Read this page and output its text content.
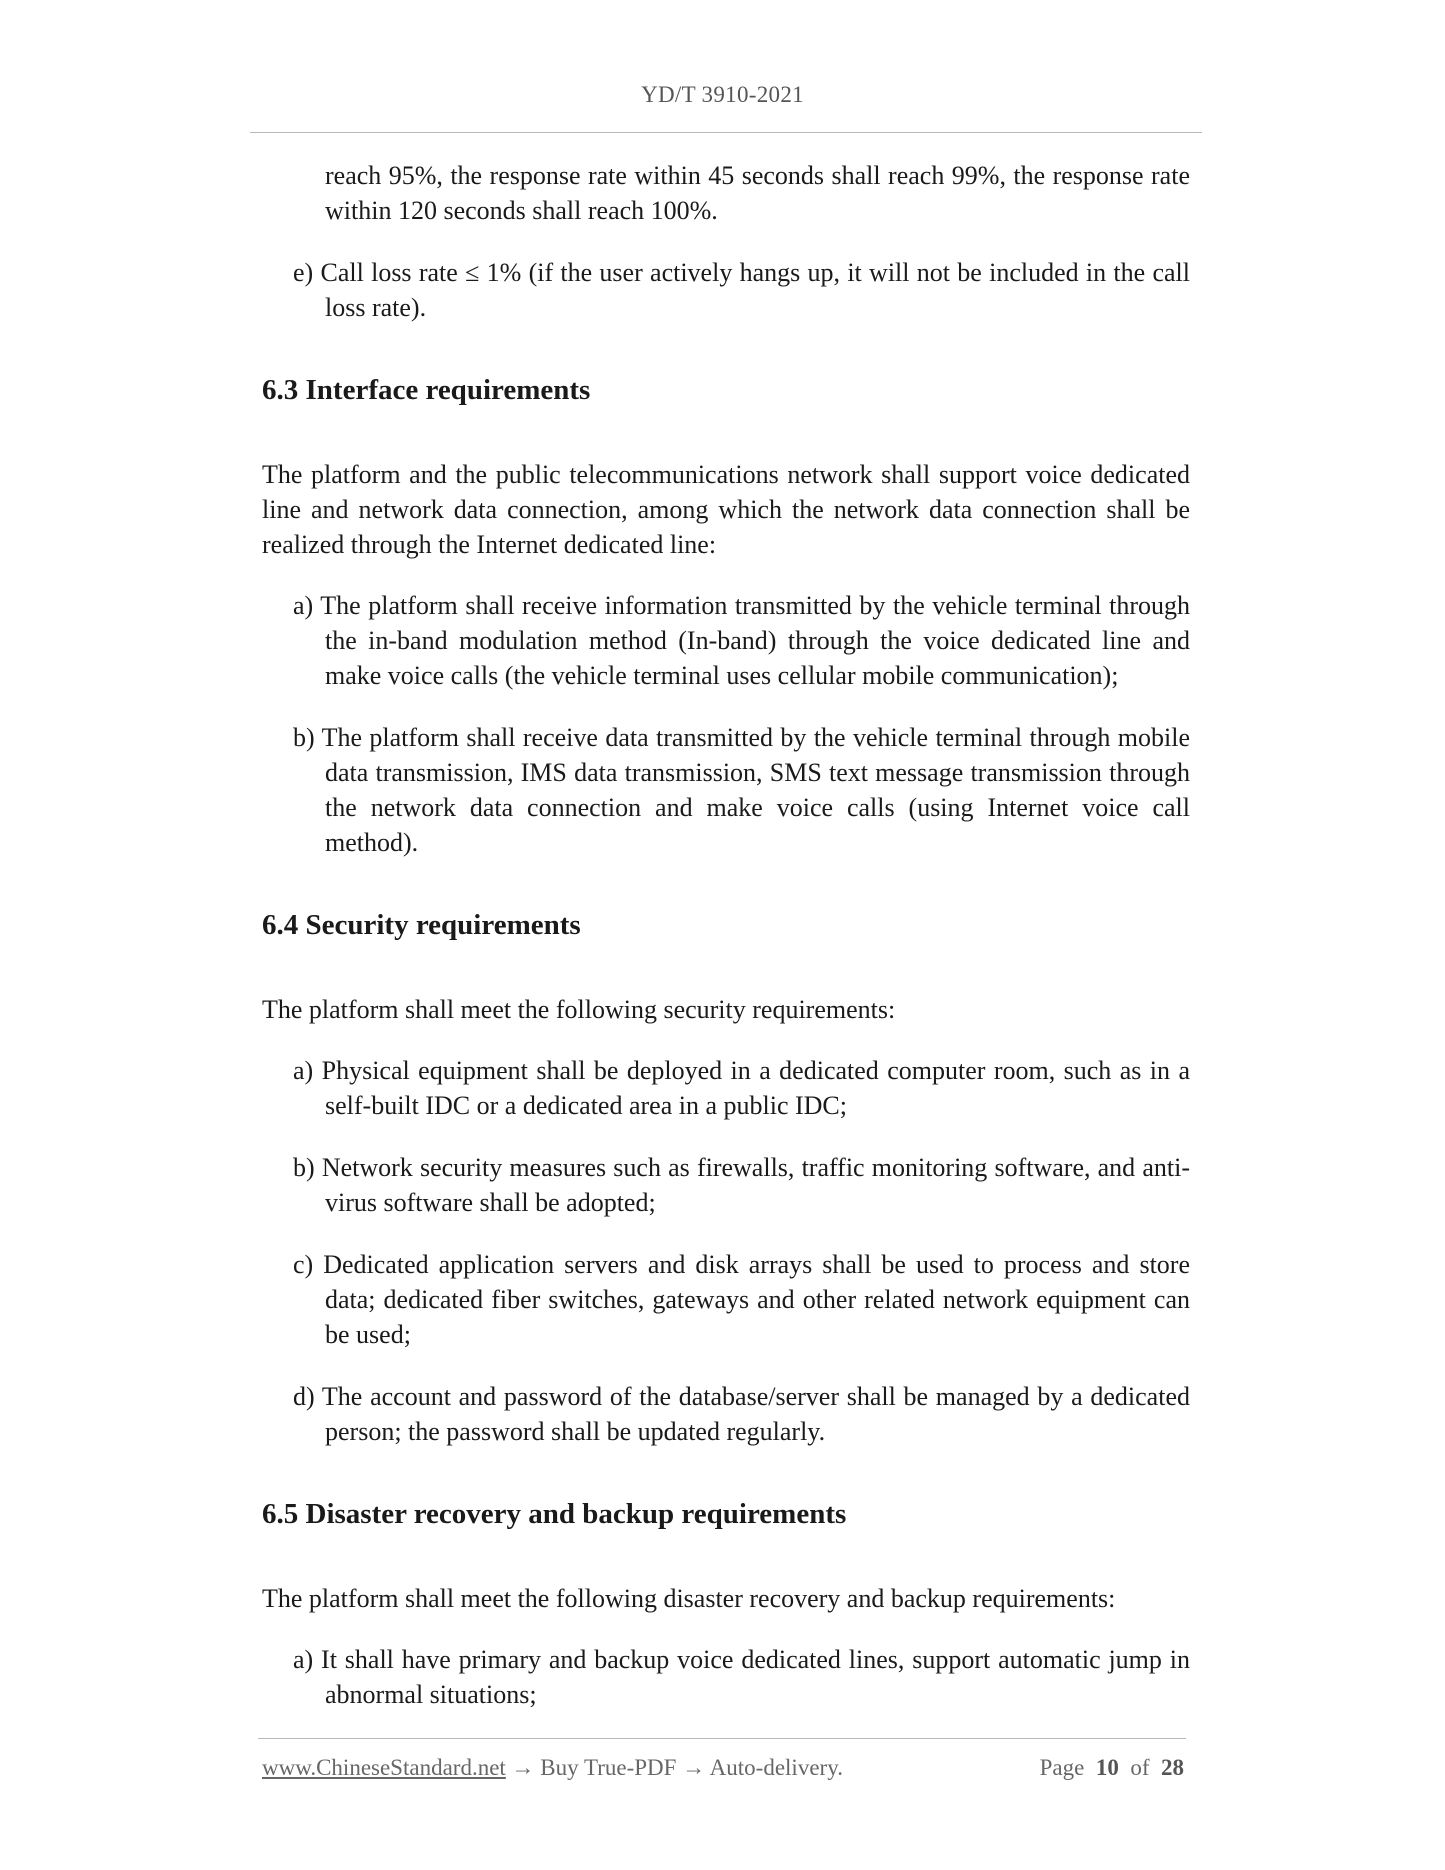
YD/T 3910-2021

reach 95%, the response rate within 45 seconds shall reach 99%, the response rate within 120 seconds shall reach 100%.

e) Call loss rate ≤ 1% (if the user actively hangs up, it will not be included in the call loss rate).

6.3 Interface requirements

The platform and the public telecommunications network shall support voice dedicated line and network data connection, among which the network data connection shall be realized through the Internet dedicated line:

a) The platform shall receive information transmitted by the vehicle terminal through the in-band modulation method (In-band) through the voice dedicated line and make voice calls (the vehicle terminal uses cellular mobile communication);

b) The platform shall receive data transmitted by the vehicle terminal through mobile data transmission, IMS data transmission, SMS text message transmission through the network data connection and make voice calls (using Internet voice call method).

6.4 Security requirements

The platform shall meet the following security requirements:

a) Physical equipment shall be deployed in a dedicated computer room, such as in a self-built IDC or a dedicated area in a public IDC;

b) Network security measures such as firewalls, traffic monitoring software, and anti-virus software shall be adopted;

c) Dedicated application servers and disk arrays shall be used to process and store data; dedicated fiber switches, gateways and other related network equipment can be used;

d) The account and password of the database/server shall be managed by a dedicated person; the password shall be updated regularly.

6.5 Disaster recovery and backup requirements

The platform shall meet the following disaster recovery and backup requirements:

a) It shall have primary and backup voice dedicated lines, support automatic jump in abnormal situations;

www.ChineseStandard.net → Buy True-PDF → Auto-delivery.	Page 10 of 28
